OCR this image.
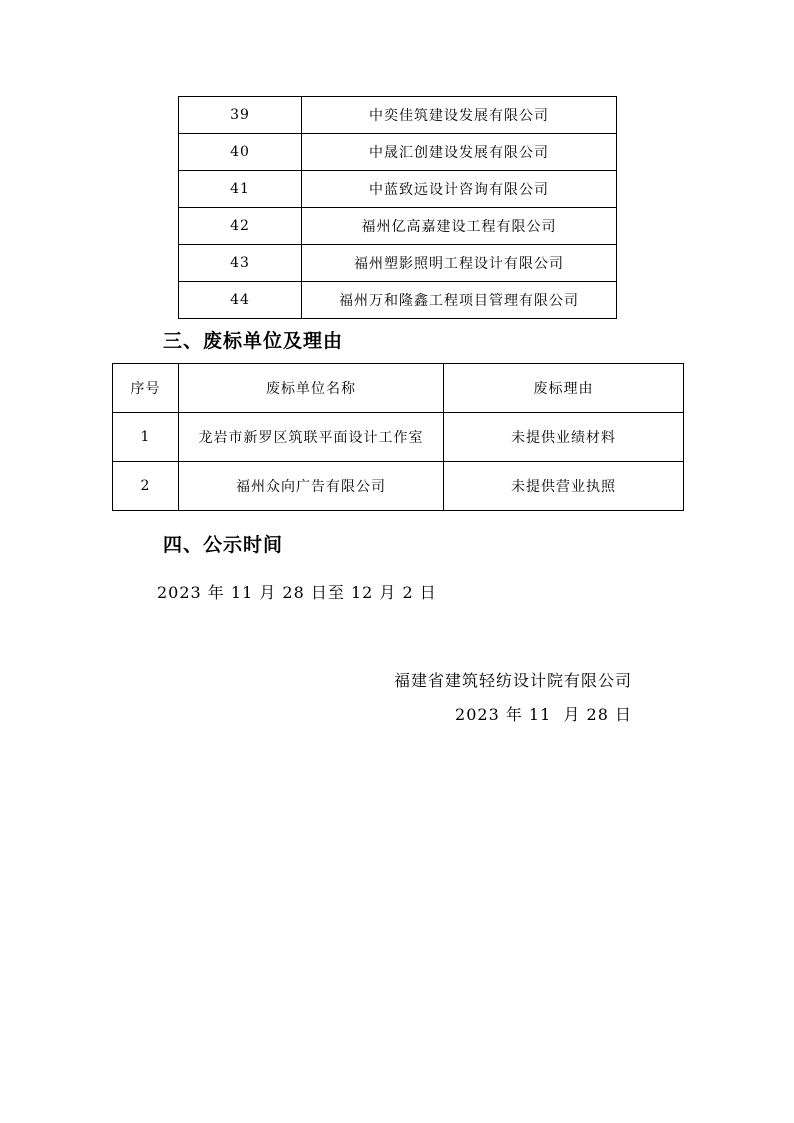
39	中奕佳筑建设发展有限公司
40	中晟汇创建设发展有限公司
41	中蓝致远设计咨询有限公司
42	福州亿高嘉建设工程有限公司
43	福州塑影照明工程设计有限公司
44	福州万和隆鑫工程项目管理有限公司
三、废标单位及理由
序号	废标单位名称	废标理由
1	龙岩市新罗区筑联平面设计工作室	未提供业绩材料
2	福州众向广告有限公司	未提供营业执照
四、公示时间
2023 年 11 月 28 日至 12 月 2 日
福建省建筑轻纺设计院有限公司
2023 年 11  月 28 日
